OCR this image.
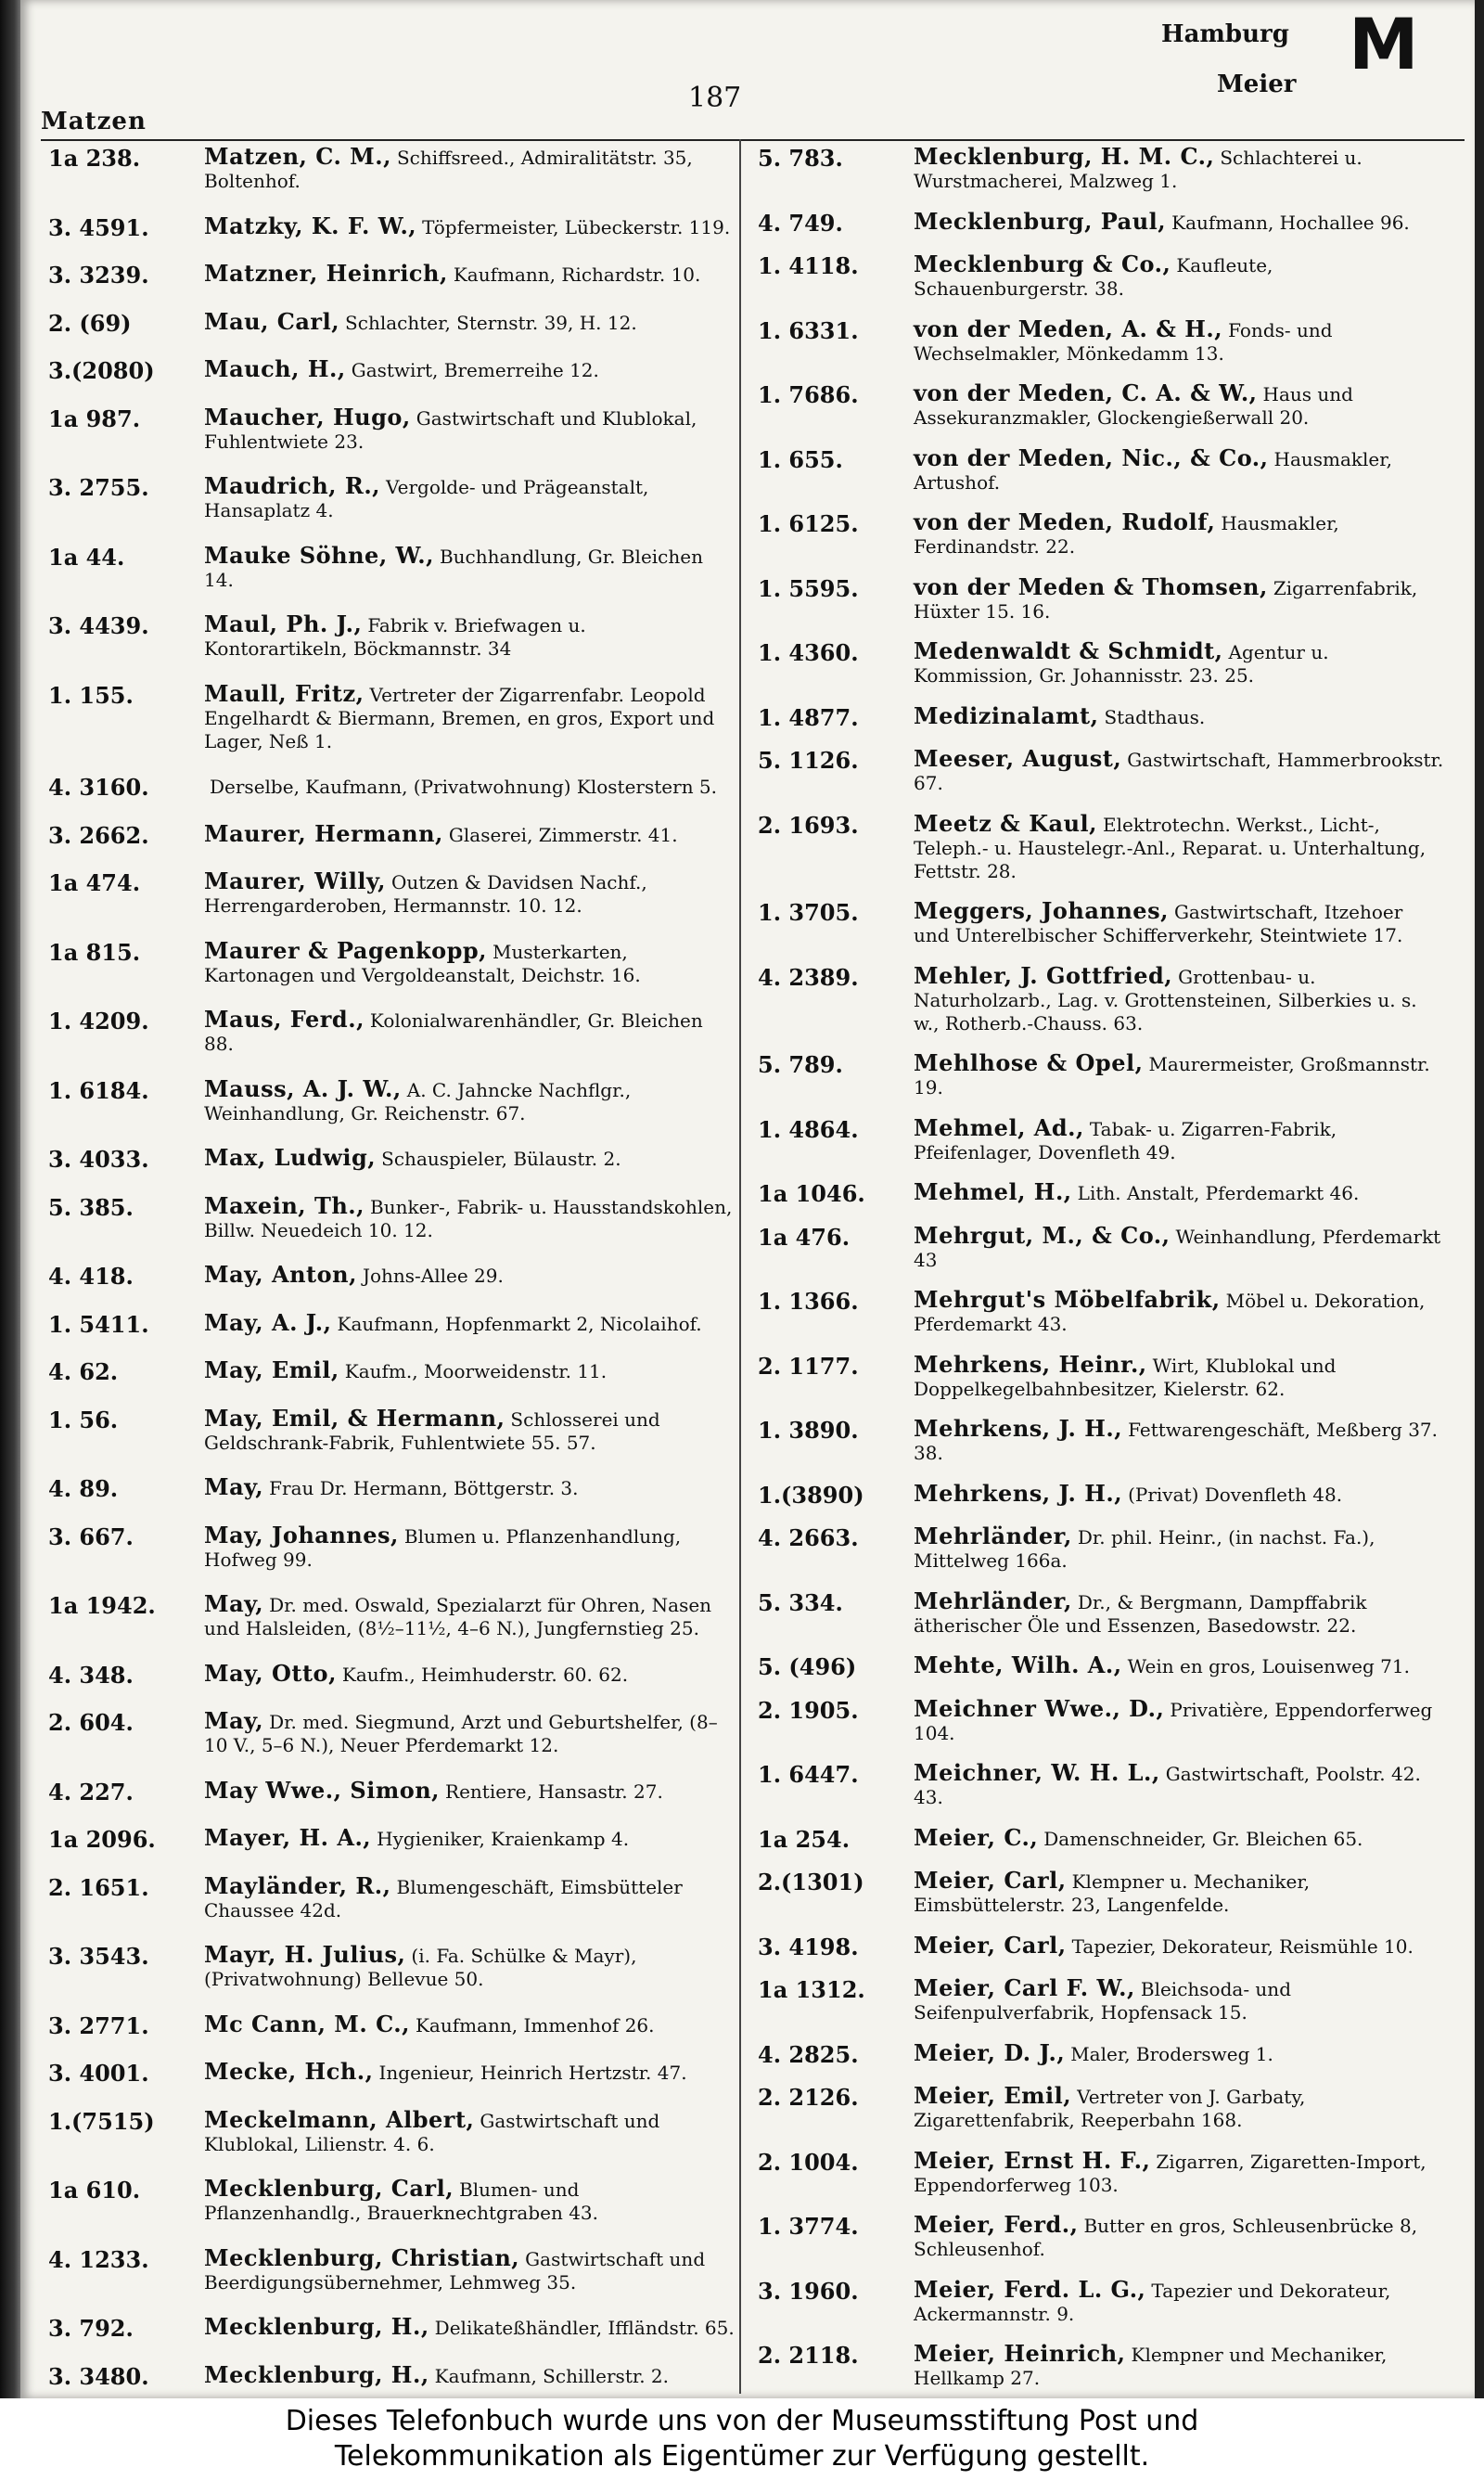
Matzen
187
Hamburg M
Meier
1a 238.	Matzen, C. M., Schiffsreed., Admiralitätstr. 35, Boltenhof.
3. 4591.	Matzky, K. F. W., Töpfermeister, Lübeckerstr. 119.
3. 3239.	Matzner, Heinrich, Kaufmann, Richardstr. 10.
2. (69)	Mau, Carl, Schlachter, Sternstr. 39, H. 12.
3.(2080)	Mauch, H., Gastwirt, Bremerreihe 12.
1a 987.	Maucher, Hugo, Gastwirtschaft und Klublokal, Fuhlentwiete 23.
3. 2755.	Maudrich, R., Vergolde- und Prägeanstalt, Hansaplatz 4.
1a 44.	Mauke Söhne, W., Buchhandlung, Gr. Bleichen 14.
3. 4439.	Maul, Ph. J., Fabrik v. Briefwagen u. Kontorartikeln, Böckmannstr. 34
1. 155.	Maull, Fritz, Vertreter der Zigarrenfabr. Leopold Engelhardt & Biermann, Bremen, en gros, Export und Lager, Neß 1.
4. 3160.	Derselbe, Kaufmann, (Privatwohnung) Klosterstern 5.
3. 2662.	Maurer, Hermann, Glaserei, Zimmerstr. 41.
1a 474.	Maurer, Willy, Outzen & Davidsen Nachf., Herrengarderoben, Hermannstr. 10. 12.
1a 815.	Maurer & Pagenkopp, Musterkarten, Kartonagen und Vergoldeanstalt, Deichstr. 16.
1. 4209.	Maus, Ferd., Kolonialwarenhändler, Gr. Bleichen 88.
1. 6184.	Mauss, A. J. W., A. C. Jahncke Nachflgr., Weinhandlung, Gr. Reichenstr. 67.
3. 4033.	Max, Ludwig, Schauspieler, Bülaustr. 2.
5. 385.	Maxein, Th., Bunker-, Fabrik- u. Hausstandskohlen, Billw. Neuedeich 10. 12.
4. 418.	May, Anton, Johns-Allee 29.
1. 5411.	May, A. J., Kaufmann, Hopfenmarkt 2, Nicolaihof.
4. 62.	May, Emil, Kaufm., Moorweidenstr. 11.
1. 56.	May, Emil, & Hermann, Schlosserei und Geldschrank-Fabrik, Fuhlentwiete 55. 57.
4. 89.	May, Frau Dr. Hermann, Böttgerstr. 3.
3. 667.	May, Johannes, Blumen u. Pflanzenhandlung, Hofweg 99.
1a 1942.	May, Dr. med. Oswald, Spezialarzt für Ohren, Nasen und Halsleiden, (8½–11½, 4–6 N.), Jungfernstieg 25.
4. 348.	May, Otto, Kaufm., Heimhuderstr. 60. 62.
2. 604.	May, Dr. med. Siegmund, Arzt und Geburtshelfer, (8–10 V., 5–6 N.), Neuer Pferdemarkt 12.
4. 227.	May Wwe., Simon, Rentiere, Hansastr. 27.
1a 2096.	Mayer, H. A., Hygieniker, Kraienkamp 4.
2. 1651.	Mayländer, R., Blumengeschäft, Eimsbütteler Chaussee 42d.
3. 3543.	Mayr, H. Julius, (i. Fa. Schülke & Mayr), (Privatwohnung) Bellevue 50.
3. 2771.	Mc Cann, M. C., Kaufmann, Immenhof 26.
3. 4001.	Mecke, Hch., Ingenieur, Heinrich Hertzstr. 47.
1.(7515)	Meckelmann, Albert, Gastwirtschaft und Klublokal, Lilienstr. 4. 6.
1a 610.	Mecklenburg, Carl, Blumen- und Pflanzenhandlg., Brauerknechtgraben 43.
4. 1233.	Mecklenburg, Christian, Gastwirtschaft und Beerdigungsübernehmer, Lehmweg 35.
3. 792.	Mecklenburg, H., Delikateßhändler, Iffländstr. 65.
3. 3480.	Mecklenburg, H., Kaufmann, Schillerstr. 2.
5. 783.	Mecklenburg, H. M. C., Schlachterei u. Wurstmacherei, Malzweg 1.
4. 749.	Mecklenburg, Paul, Kaufmann, Hochallee 96.
1. 4118.	Mecklenburg & Co., Kaufleute, Schauenburgerstr. 38.
1. 6331.	von der Meden, A. & H., Fonds- und Wechselmakler, Mönkedamm 13.
1. 7686.	von der Meden, C. A. & W., Haus und Assekuranzmakler, Glockengießerwall 20.
1. 655.	von der Meden, Nic., & Co., Hausmakler, Artushof.
1. 6125.	von der Meden, Rudolf, Hausmakler, Ferdinandstr. 22.
1. 5595.	von der Meden & Thomsen, Zigarrenfabrik, Hüxter 15. 16.
1. 4360.	Medenwaldt & Schmidt, Agentur u. Kommission, Gr. Johannisstr. 23. 25.
1. 4877.	Medizinalamt, Stadthaus.
5. 1126.	Meeser, August, Gastwirtschaft, Hammerbrookstr. 67.
2. 1693.	Meetz & Kaul, Elektrotechn. Werkst., Licht-, Teleph.- u. Haustelegr.-Anl., Reparat. u. Unterhaltung, Fettstr. 28.
1. 3705.	Meggers, Johannes, Gastwirtschaft, Itzehoer und Unterelbischer Schifferverkehr, Steintwiete 17.
4. 2389.	Mehler, J. Gottfried, Grottenbau- u. Naturholzarb., Lag. v. Grottensteinen, Silberkies u. s. w., Rotherb.-Chauss. 63.
5. 789.	Mehlhose & Opel, Maurermeister, Großmannstr. 19.
1. 4864.	Mehmel, Ad., Tabak- u. Zigarren-Fabrik, Pfeifenlager, Dovenfleth 49.
1a 1046.	Mehmel, H., Lith. Anstalt, Pferdemarkt 46.
1a 476.	Mehrgut, M., & Co., Weinhandlung, Pferdemarkt 43
1. 1366.	Mehrgut's Möbelfabrik, Möbel u. Dekoration, Pferdemarkt 43.
2. 1177.	Mehrkens, Heinr., Wirt, Klublokal und Doppelkegelbahnbesitzer, Kielerstr. 62.
1. 3890.	Mehrkens, J. H., Fettwarengeschäft, Meßberg 37. 38.
1.(3890)	Mehrkens, J. H., (Privat) Dovenfleth 48.
4. 2663.	Mehrländer, Dr. phil. Heinr., (in nachst. Fa.), Mittelweg 166a.
5. 334.	Mehrländer, Dr., & Bergmann, Dampffabrik ätherischer Öle und Essenzen, Basedowstr. 22.
5. (496)	Mehte, Wilh. A., Wein en gros, Louisenweg 71.
2. 1905.	Meichner Wwe., D., Privatière, Eppendorferweg 104.
1. 6447.	Meichner, W. H. L., Gastwirtschaft, Poolstr. 42. 43.
1a 254.	Meier, C., Damenschneider, Gr. Bleichen 65.
2.(1301)	Meier, Carl, Klempner u. Mechaniker, Eimsbüttelerstr. 23, Langenfelde.
3. 4198.	Meier, Carl, Tapezier, Dekorateur, Reismühle 10.
1a 1312.	Meier, Carl F. W., Bleichsoda- und Seifenpulverfabrik, Hopfensack 15.
4. 2825.	Meier, D. J., Maler, Brodersweg 1.
2. 2126.	Meier, Emil, Vertreter von J. Garbaty, Zigarettenfabrik, Reeperbahn 168.
2. 1004.	Meier, Ernst H. F., Zigarren, Zigaretten-Import, Eppendorferweg 103.
1. 3774.	Meier, Ferd., Butter en gros, Schleusenbrücke 8, Schleusenhof.
3. 1960.	Meier, Ferd. L. G., Tapezier und Dekorateur, Ackermannstr. 9.
2. 2118.	Meier, Heinrich, Klempner und Mechaniker, Hellkamp 27.
Dieses Telefonbuch wurde uns von der Museumsstiftung Post und
Telekommunikation als Eigentümer zur Verfügung gestellt.
